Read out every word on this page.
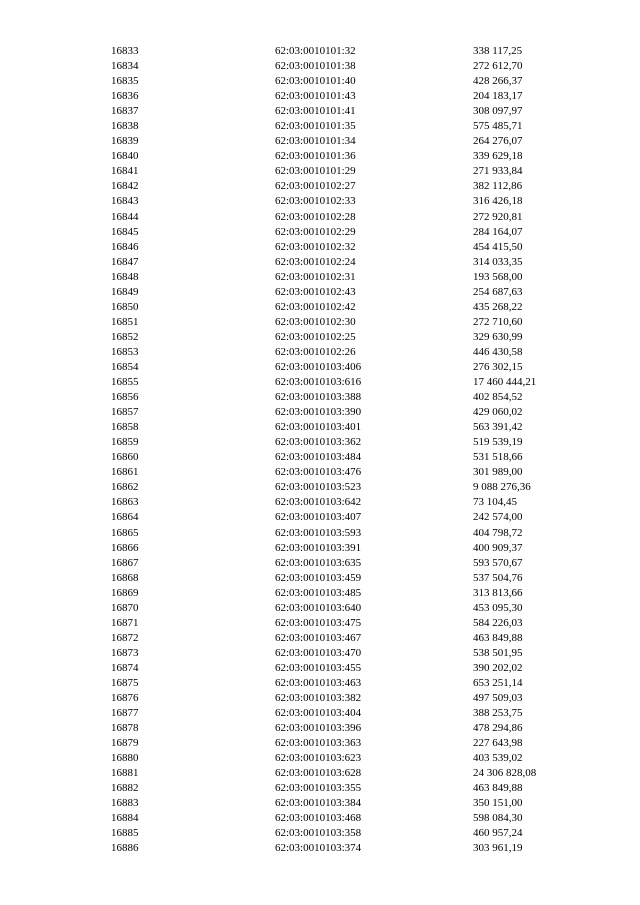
16833	62:03:0010101:32	338 117,25
16834	62:03:0010101:38	272 612,70
16835	62:03:0010101:40	428 266,37
16836	62:03:0010101:43	204 183,17
16837	62:03:0010101:41	308 097,97
16838	62:03:0010101:35	575 485,71
16839	62:03:0010101:34	264 276,07
16840	62:03:0010101:36	339 629,18
16841	62:03:0010101:29	271 933,84
16842	62:03:0010102:27	382 112,86
16843	62:03:0010102:33	316 426,18
16844	62:03:0010102:28	272 920,81
16845	62:03:0010102:29	284 164,07
16846	62:03:0010102:32	454 415,50
16847	62:03:0010102:24	314 033,35
16848	62:03:0010102:31	193 568,00
16849	62:03:0010102:43	254 687,63
16850	62:03:0010102:42	435 268,22
16851	62:03:0010102:30	272 710,60
16852	62:03:0010102:25	329 630,99
16853	62:03:0010102:26	446 430,58
16854	62:03:0010103:406	276 302,15
16855	62:03:0010103:616	17 460 444,21
16856	62:03:0010103:388	402 854,52
16857	62:03:0010103:390	429 060,02
16858	62:03:0010103:401	563 391,42
16859	62:03:0010103:362	519 539,19
16860	62:03:0010103:484	531 518,66
16861	62:03:0010103:476	301 989,00
16862	62:03:0010103:523	9 088 276,36
16863	62:03:0010103:642	73 104,45
16864	62:03:0010103:407	242 574,00
16865	62:03:0010103:593	404 798,72
16866	62:03:0010103:391	400 909,37
16867	62:03:0010103:635	593 570,67
16868	62:03:0010103:459	537 504,76
16869	62:03:0010103:485	313 813,66
16870	62:03:0010103:640	453 095,30
16871	62:03:0010103:475	584 226,03
16872	62:03:0010103:467	463 849,88
16873	62:03:0010103:470	538 501,95
16874	62:03:0010103:455	390 202,02
16875	62:03:0010103:463	653 251,14
16876	62:03:0010103:382	497 509,03
16877	62:03:0010103:404	388 253,75
16878	62:03:0010103:396	478 294,86
16879	62:03:0010103:363	227 643,98
16880	62:03:0010103:623	403 539,02
16881	62:03:0010103:628	24 306 828,08
16882	62:03:0010103:355	463 849,88
16883	62:03:0010103:384	350 151,00
16884	62:03:0010103:468	598 084,30
16885	62:03:0010103:358	460 957,24
16886	62:03:0010103:374	303 961,19
